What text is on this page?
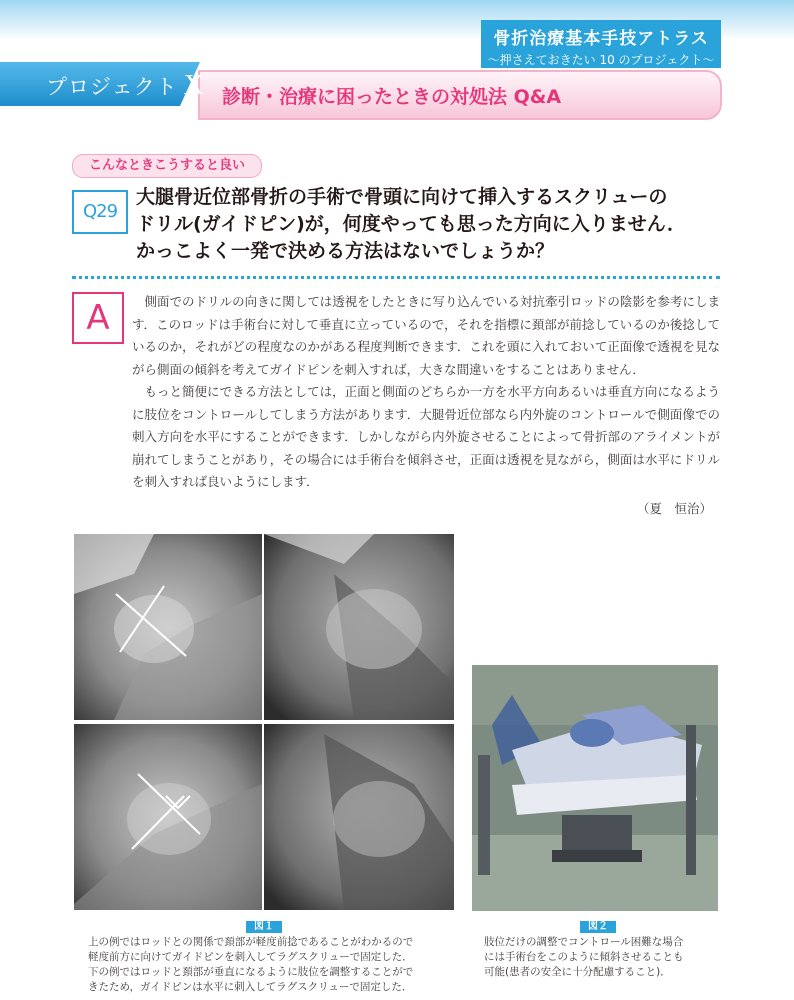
骨折治療基本手技アトラス
～押さえておきたい 10 のプロジェクト～
診断・治療に困ったときの対処法 Q&A
プロジェクト X
こんなときこうすると良い
Q29
大腿骨近位部骨折の手術で骨頭に向けて挿入するスクリューの
ドリル(ガイドピン)が，何度やっても思った方向に入りません．
かっこよく一発で決める方法はないでしょうか？
A	側面でのドリルの向きに関しては透視をしたときに写り込んでいる対抗牽引ロッドの陰影を参考にします．このロッドは手術台に対して垂直に立っているので，それを指標に頚部が前捻しているのか後捻しているのか，それがどの程度なのかがある程度判断できます．これを頭に入れておいて正面像で透視を見ながら側面の傾斜を考えてガイドピンを刺入すれば，大きな間違いをすることはありません．

もっと簡便にできる方法としては，正面と側面のどちらか一方を水平方向あるいは垂直方向になるように肢位をコントロールしてしまう方法があります．大腿骨近位部なら内外旋のコントロールで側面像での刺入方向を水平にすることができます．しかしながら内外旋させることによって骨折部のアライメントが崩れてしまうことがあり，その場合には手術台を傾斜させ，正面は透視を見ながら，側面は水平にドリルを刺入すれば良いようにします．

（夏　恒治）
図１
上の例ではロッドとの関係で頚部が軽度前捻であることがわかるので
軽度前方に向けてガイドピンを刺入してラグスクリューで固定した．
下の例ではロッドと頚部が垂直になるように肢位を調整することがで
きたため，ガイドピンは水平に刺入してラグスクリューで固定した．
図２
肢位だけの調整でコントロール困難な場合
には手術台をこのように傾斜させることも
可能(患者の安全に十分配慮すること)．
